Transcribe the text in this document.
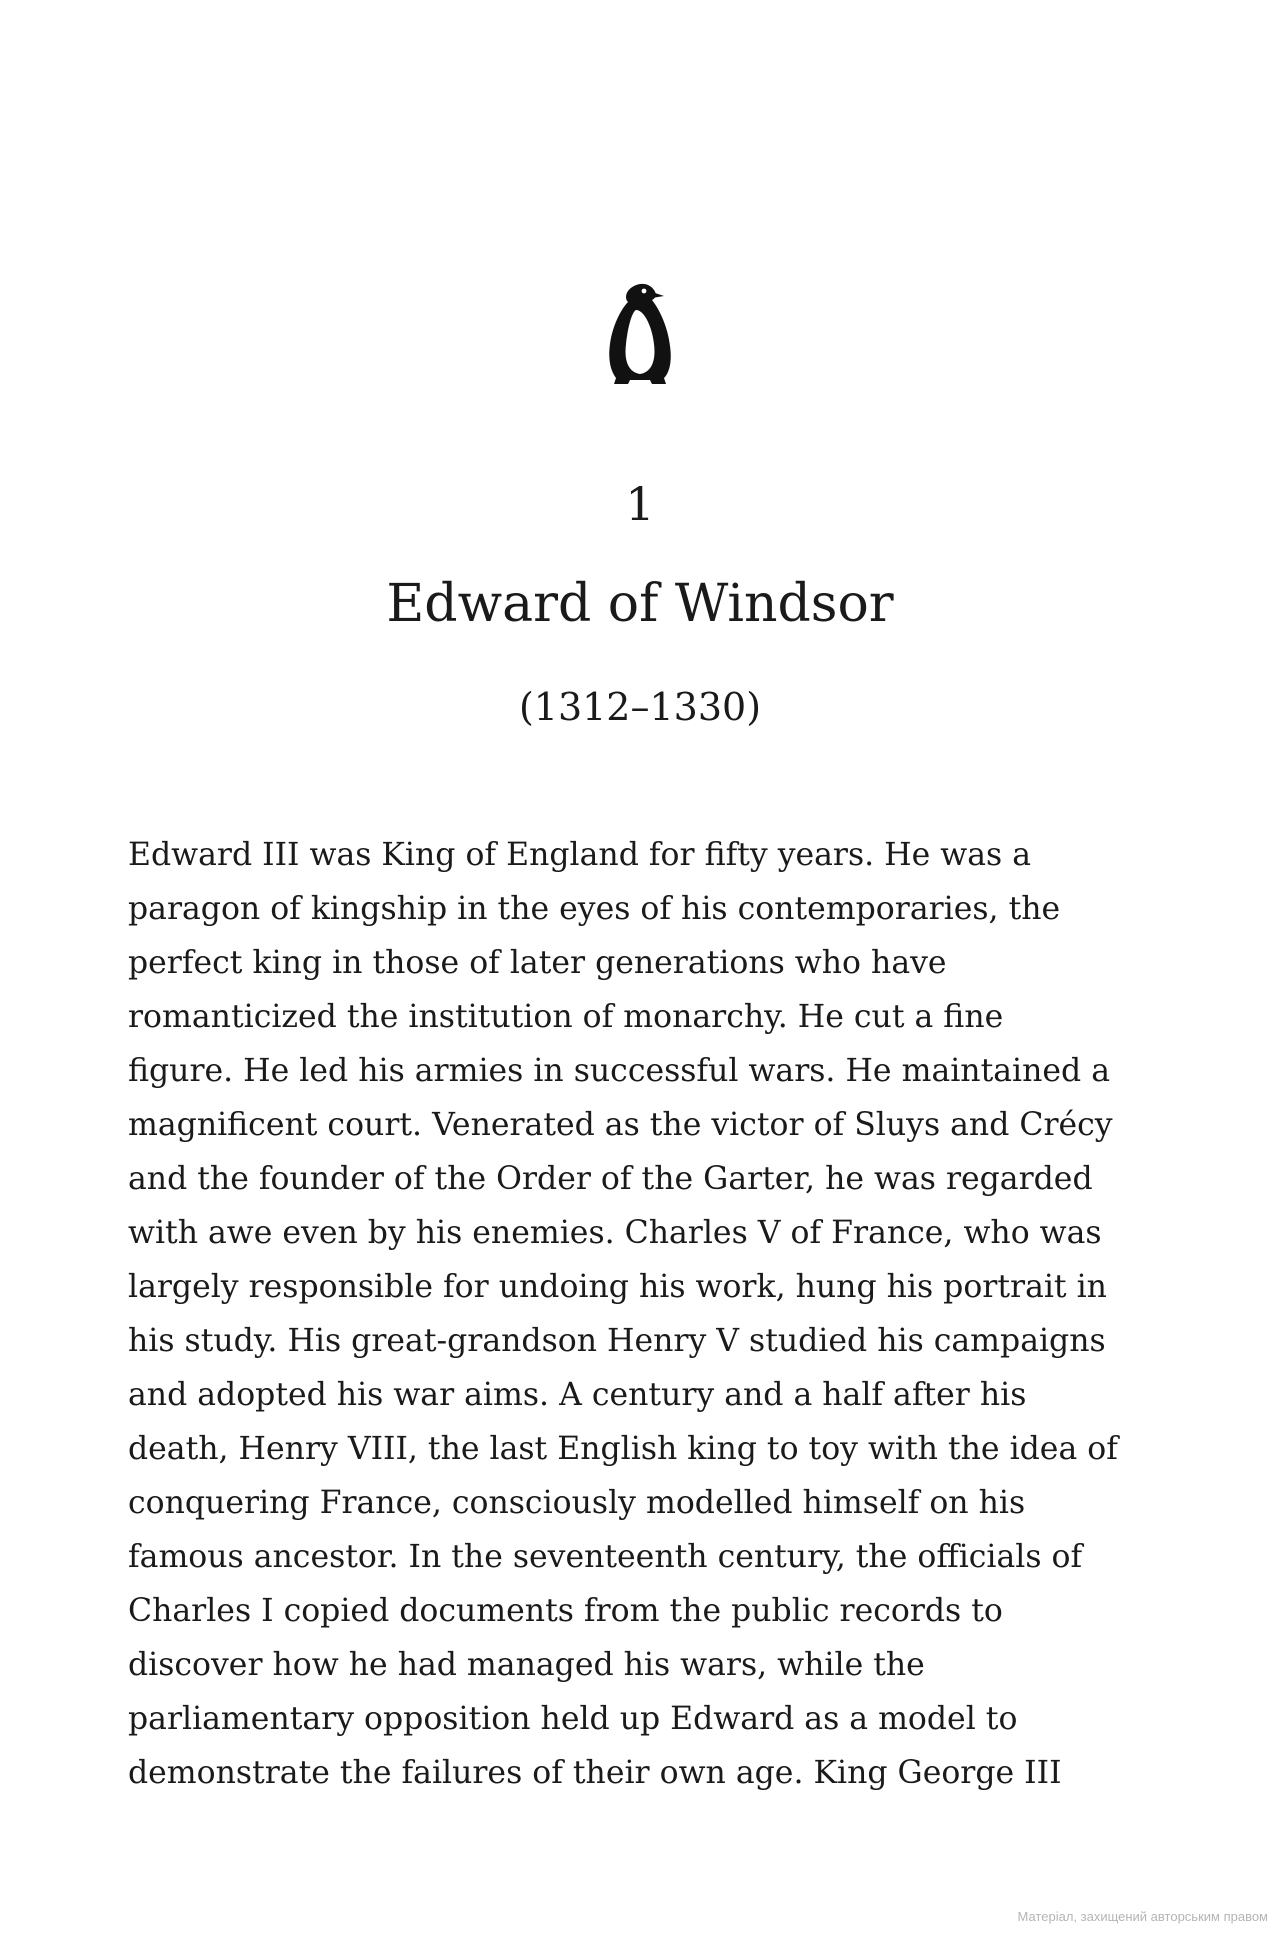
1
Edward of Windsor
(1312–1330)
Edward III was King of England for fifty years. He was a
paragon of kingship in the eyes of his contemporaries, the
perfect king in those of later generations who have
romanticized the institution of monarchy. He cut a fine
figure. He led his armies in successful wars. He maintained a
magnificent court. Venerated as the victor of Sluys and Crécy
and the founder of the Order of the Garter, he was regarded
with awe even by his enemies. Charles V of France, who was
largely responsible for undoing his work, hung his portrait in
his study. His great-grandson Henry V studied his campaigns
and adopted his war aims. A century and a half after his
death, Henry VIII, the last English king to toy with the idea of
conquering France, consciously modelled himself on his
famous ancestor. In the seventeenth century, the officials of
Charles I copied documents from the public records to
discover how he had managed his wars, while the
parliamentary opposition held up Edward as a model to
demonstrate the failures of their own age. King George III
Матеріал, захищений авторським правом
